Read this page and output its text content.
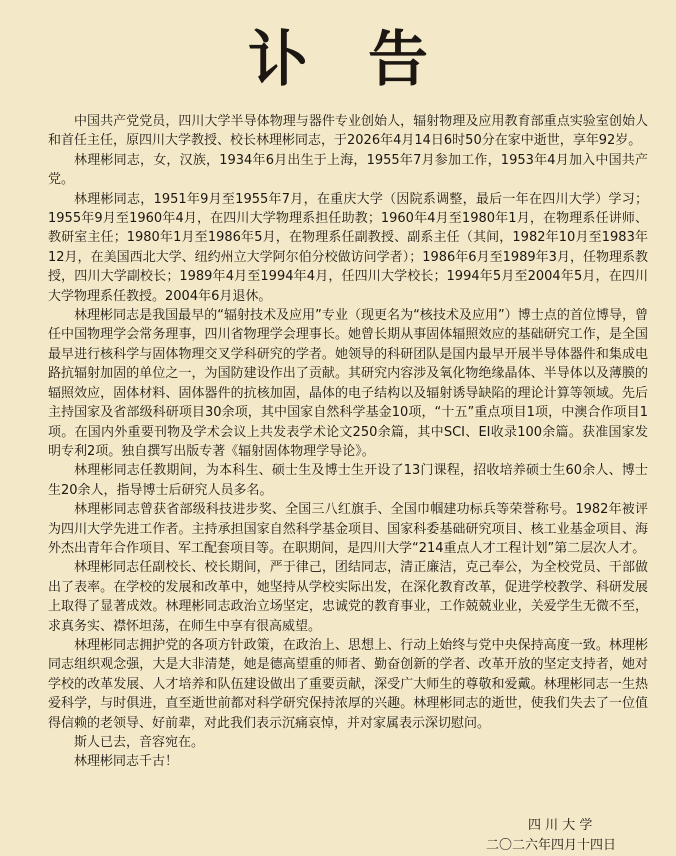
讣告

中国共产党党员，四川大学半导体物理与器件专业创始人，辐射物理及应用教育部重点实验室创始人和首任主任，原四川大学教授、校长林理彬同志，于2026年4月14日6时50分在家中逝世，享年92岁。

林理彬同志，女，汉族，1934年6月出生于上海，1955年7月参加工作，1953年4月加入中国共产党。

林理彬同志，1951年9月至1955年7月，在重庆大学（因院系调整，最后一年在四川大学）学习；1955年9月至1960年4月，在四川大学物理系担任助教；1960年4月至1980年1月，在物理系任讲师、教研室主任；1980年1月至1986年5月，在物理系任副教授、副系主任（其间，1982年10月至1983年12月，在美国西北大学、纽约州立大学阿尔伯分校做访问学者）；1986年6月至1989年3月，任物理系教授，四川大学副校长；1989年4月至1994年4月，任四川大学校长；1994年5月至2004年5月，在四川大学物理系任教授。2004年6月退休。

林理彬同志是我国最早的“辐射技术及应用”专业（现更名为“核技术及应用”）博士点的首位博导，曾任中国物理学会常务理事，四川省物理学会理事长。她曾长期从事固体辐照效应的基础研究工作，是全国最早进行核科学与固体物理交叉学科研究的学者。她领导的科研团队是国内最早开展半导体器件和集成电路抗辐射加固的单位之一，为国防建设作出了贡献。其研究内容涉及氧化物绝缘晶体、半导体以及薄膜的辐照效应，固体材料、固体器件的抗核加固，晶体的电子结构以及辐射诱导缺陷的理论计算等领域。先后主持国家及省部级科研项目30余项，其中国家自然科学基金10项，“十五”重点项目1项，中澳合作项目1项。在国内外重要刊物及学术会议上共发表学术论文250余篇，其中SCI、EI收录100余篇。获准国家发明专利2项。独自撰写出版专著《辐射固体物理学导论》。

林理彬同志任教期间，为本科生、硕士生及博士生开设了13门课程，招收培养硕士生60余人、博士生20余人，指导博士后研究人员多名。

林理彬同志曾获省部级科技进步奖、全国三八红旗手、全国巾帼建功标兵等荣誉称号。1982年被评为四川大学先进工作者。主持承担国家自然科学基金项目、国家科委基础研究项目、核工业基金项目、海外杰出青年合作项目、军工配套项目等。在职期间，是四川大学“214重点人才工程计划”第二层次人才。

林理彬同志任副校长、校长期间，严于律己，团结同志，清正廉洁，克己奉公，为全校党员、干部做出了表率。在学校的发展和改革中，她坚持从学校实际出发，在深化教育改革，促进学校教学、科研发展上取得了显著成效。林理彬同志政治立场坚定，忠诚党的教育事业，工作兢兢业业，关爱学生无微不至，求真务实、襟怀坦荡，在师生中享有很高威望。

林理彬同志拥护党的各项方针政策，在政治上、思想上、行动上始终与党中央保持高度一致。林理彬同志组织观念强，大是大非清楚，她是德高望重的师者、勤奋创新的学者、改革开放的坚定支持者，她对学校的改革发展、人才培养和队伍建设做出了重要贡献，深受广大师生的尊敬和爱戴。林理彬同志一生热爱科学，与时俱进，直至逝世前都对科学研究保持浓厚的兴趣。林理彬同志的逝世，使我们失去了一位值得信赖的老领导、好前辈，对此我们表示沉痛哀悼，并对家属表示深切慰问。

斯人已去，音容宛在。

林理彬同志千古！

四 川 大 学
二〇二六年四月十四日
